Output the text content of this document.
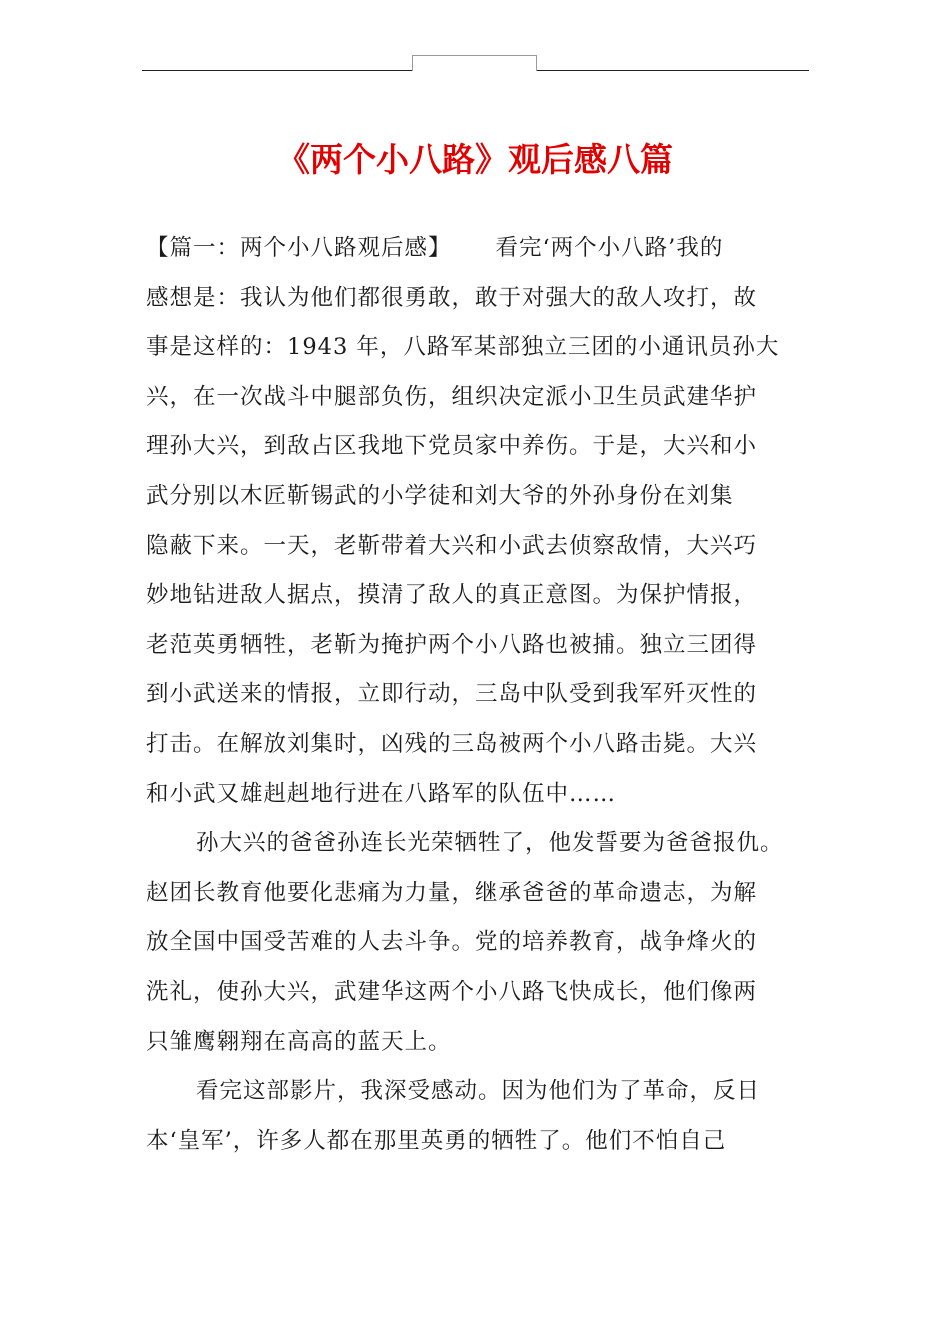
《两个小八路》观后感八篇
【篇一：两个小八路观后感】 看完‘两个小八路’我的
感想是：我认为他们都很勇敢，敢于对强大的敌人攻打，故
事是这样的：1943 年，八路军某部独立三团的小通讯员孙大
兴，在一次战斗中腿部负伤，组织决定派小卫生员武建华护
理孙大兴，到敌占区我地下党员家中养伤。于是，大兴和小
武分别以木匠靳锡武的小学徒和刘大爷的外孙身份在刘集
隐蔽下来。一天，老靳带着大兴和小武去侦察敌情，大兴巧
妙地钻进敌人据点，摸清了敌人的真正意图。为保护情报，
老范英勇牺牲，老靳为掩护两个小八路也被捕。独立三团得
到小武送来的情报，立即行动，三岛中队受到我军歼灭性的
打击。在解放刘集时，凶残的三岛被两个小八路击毙。大兴
和小武又雄赳赳地行进在八路军的队伍中……
孙大兴的爸爸孙连长光荣牺牲了，他发誓要为爸爸报仇。
赵团长教育他要化悲痛为力量，继承爸爸的革命遗志，为解
放全国中国受苦难的人去斗争。党的培养教育，战争烽火的
洗礼，使孙大兴，武建华这两个小八路飞快成长，他们像两
只雏鹰翱翔在高高的蓝天上。
看完这部影片，我深受感动。因为他们为了革命，反日
本‘皇军’，许多人都在那里英勇的牺牲了。他们不怕自己
